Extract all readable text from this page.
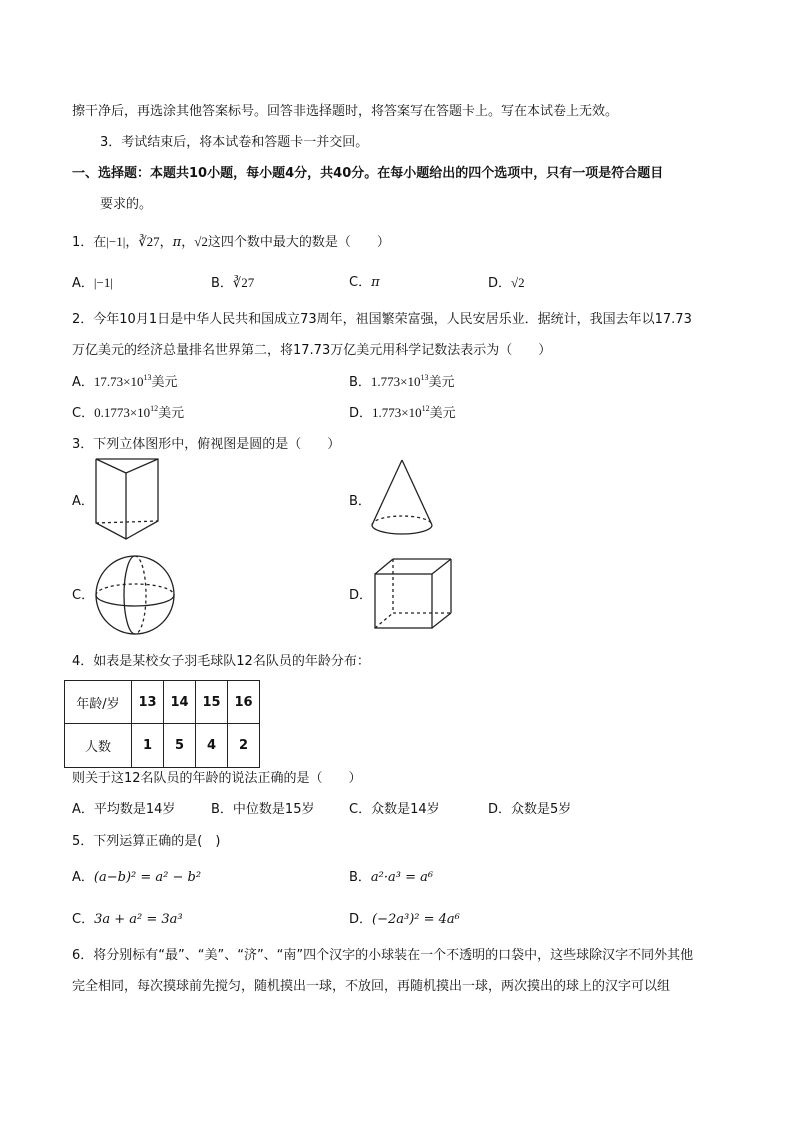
擦干净后，再选涂其他答案标号。回答非选择题时，将答案写在答题卡上。写在本试卷上无效。
3．考试结束后，将本试卷和答题卡一并交回。
一、选择题：本题共10小题，每小题4分，共40分。在每小题给出的四个选项中，只有一项是符合题目
要求的。
1．在|−1|，∛27，π，√2这四个数中最大的数是（　　）
A．|−1|	B．∛27	C．π	D．√2
2．今年10月1日是中华人民共和国成立73周年，祖国繁荣富强，人民安居乐业．据统计，我国去年以17.73
万亿美元的经济总量排名世界第二，将17.73万亿美元用科学记数法表示为（　　）
A．$17.73\times 10^{13}$美元	B．$1.773\times 10^{13}$美元
C．$0.1773\times 10^{12}$美元	D．$1.773\times 10^{12}$美元
3．下列立体图形中，俯视图是圆的是（　　）
A．	B．
C．	D．
4．如表是某校女子羽毛球队12名队员的年龄分布：
年龄/岁	13	14	15	16
人数	1	5	4	2
则关于这12名队员的年龄的说法正确的是（　　）
A．平均数是14岁	B．中位数是15岁	C．众数是14岁	D．众数是5岁
5．下列运算正确的是(　)
A．(a−b)² = a² − b²	B．a²·a³ = a⁶
C．3a + a² = 3a³	D．(−2a³)² = 4a⁶
6．将分别标有“最”、“美”、“济”、“南”四个汉字的小球装在一个不透明的口袋中，这些球除汉字不同外其他
完全相同，每次摸球前先搅匀，随机摸出一球，不放回，再随机摸出一球，两次摸出的球上的汉字可以组
